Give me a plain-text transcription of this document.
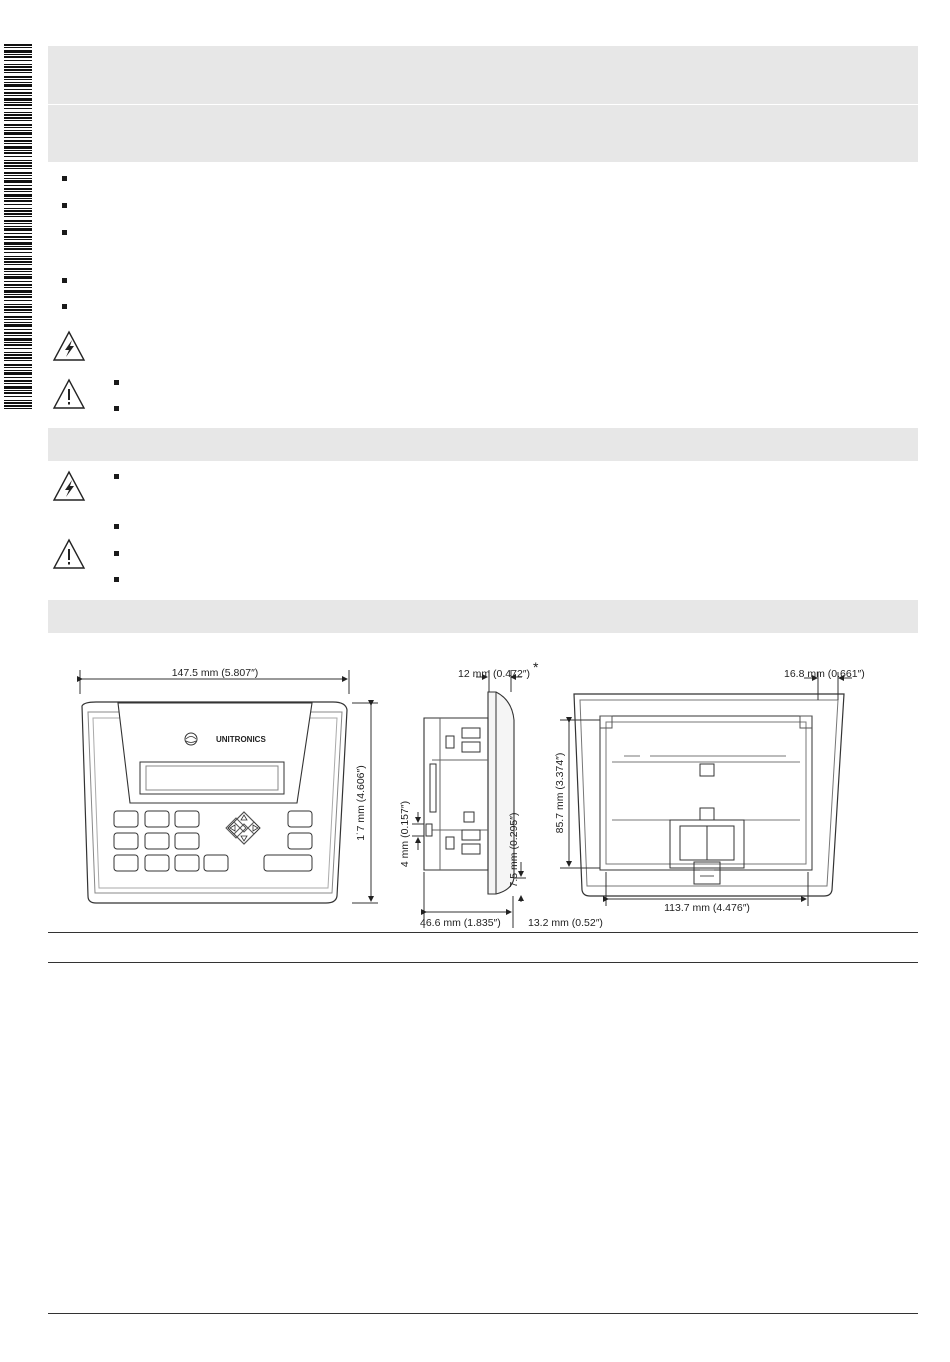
147.5 mm (5.807″)
UNITRONICS
1˙7 mm (4.606″)
12 mm (0.472″) *
4 mm (0.157″)	7.5 mm (0.295″)
46.6 mm (1.835″)	13.2 mm (0.52″)
16.8 mm (0.661″)
85.7 mm (3.374″)
113.7 mm (4.476″)
